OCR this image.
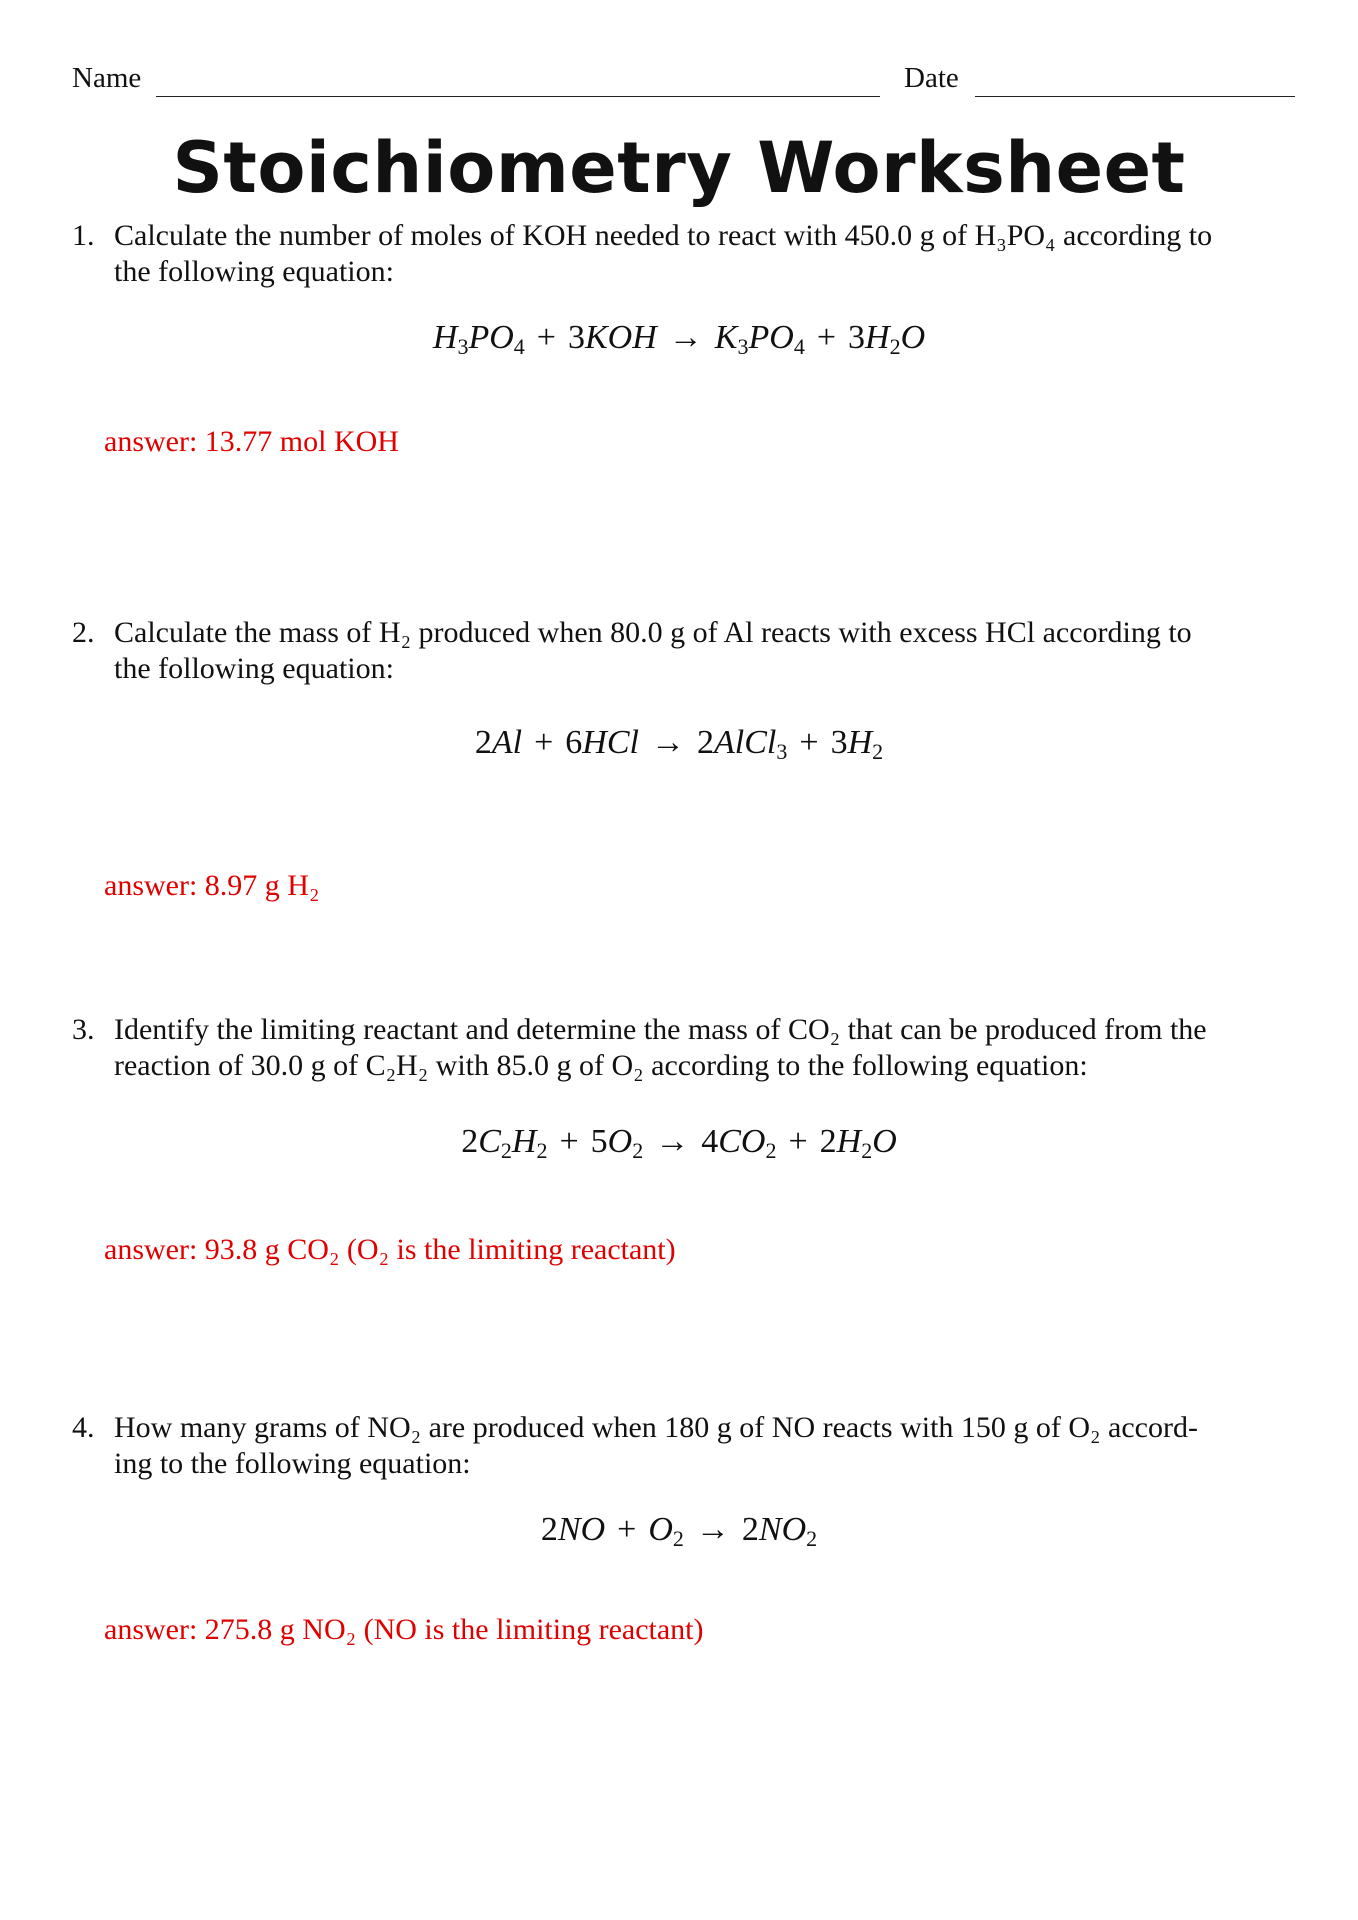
Name	Date
Stoichiometry Worksheet
1. Calculate the number of moles of KOH needed to react with 450.0 g of H₃PO₄ according to
the following equation:
$H_3PO_4 + 3KOH \to K_3PO_4 + 3H_2O$
answer: 13.77 mol KOH
2. Calculate the mass of H₂ produced when 80.0 g of Al reacts with excess HCl according to
the following equation:
2Al + 6HCl → 2AlCl$_3$ + $3H_2$
answer: 8.97 g H₂
3. Identify the limiting reactant and determine the mass of CO₂ that can be produced from the
reaction of 30.0 g of C₂H₂ with 85.0 g of O₂ according to the following equation:
$2C_2H_2 + 5O_2 \to 4CO_2 + 2H_2O$
answer: 93.8 g CO₂ (O₂ is the limiting reactant)
4. How many grams of NO₂ are produced when 180 g of NO reacts with 150 g of O₂ accord-
ing to the following equation:
$2NO + O_2 \to 2NO_2$
answer: 275.8 g NO₂ (NO is the limiting reactant)
